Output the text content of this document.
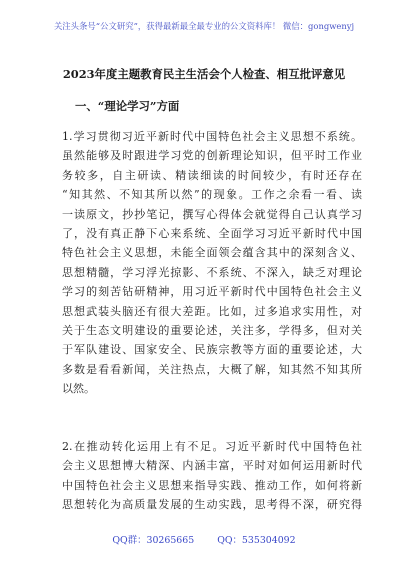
关注头条号“公文研究”，获得最新最全最专业的公文资料库！ 微信：gongwenyj
2023年度主题教育民主生活会个人检查、相互批评意见
一、“理论学习”方面
1.学习贯彻习近平新时代中国特色社会主义思想不系统。
虽然能够及时跟进学习党的创新理论知识，但平时工作业
务较多，自主研读、精读细读的时间较少，有时还存在
“知其然、不知其所以然”的现象。工作之余看一看、读
一读原文，抄抄笔记，撰写心得体会就觉得自己认真学习
了，没有真正静下心来系统、全面学习习近平新时代中国
特色社会主义思想，未能全面领会蕴含其中的深刻含义、
思想精髓，学习浮光掠影、不系统、不深入，缺乏对理论
学习的刻苦钻研精神，用习近平新时代中国特色社会主义
思想武装头脑还有很大差距。比如，过多追求实用性，对
关于生态文明建设的重要论述，关注多，学得多，但对关
于军队建设、国家安全、民族宗教等方面的重要论述，大
多数是看看新闻，关注热点，大概了解，知其然不知其所
以然。
2.在推动转化运用上有不足。习近平新时代中国特色社
会主义思想博大精深、内涵丰富，平时对如何运用新时代
中国特色社会主义思想来指导实践、推动工作，如何将新
思想转化为高质量发展的生动实践，思考得不深，研究得
QQ群：30265665 QQ：535304092
